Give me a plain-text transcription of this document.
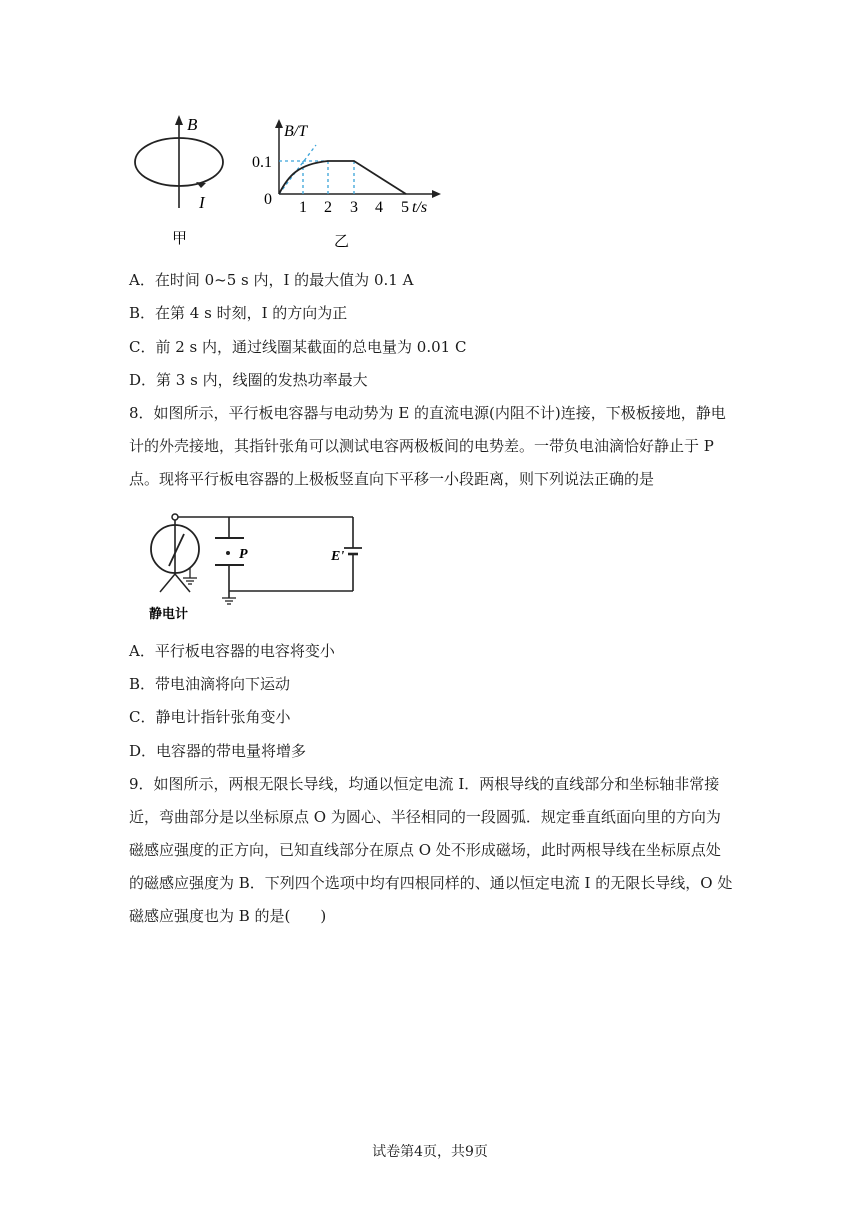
B
I
甲
B/T
0.1
0 1 2 3 4 5 t/s
乙
A．在时间 0~5 s 内，I 的最大值为 0.1 A
B．在第 4 s 时刻，I 的方向为正
C．前 2 s 内，通过线圈某截面的总电量为 0.01 C
D．第 3 s 内，线圈的发热功率最大
8．如图所示，平行板电容器与电动势为 E 的直流电源(内阻不计)连接，下极板接地，静电
计的外壳接地，其指针张角可以测试电容两极板间的电势差。一带负电油滴恰好静止于 P
点。现将平行板电容器的上极板竖直向下平移一小段距离，则下列说法正确的是
P	E'
静电计
A．平行板电容器的电容将变小
B．带电油滴将向下运动
C．静电计指针张角变小
D．电容器的带电量将增多
9．如图所示，两根无限长导线，均通以恒定电流 I．两根导线的直线部分和坐标轴非常接
近，弯曲部分是以坐标原点 O 为圆心、半径相同的一段圆弧．规定垂直纸面向里的方向为
磁感应强度的正方向，已知直线部分在原点 O 处不形成磁场，此时两根导线在坐标原点处
的磁感应强度为 B．下列四个选项中均有四根同样的、通以恒定电流 I 的无限长导线，O 处
磁感应强度也为 B 的是(　　)
试卷第4页，共9页
